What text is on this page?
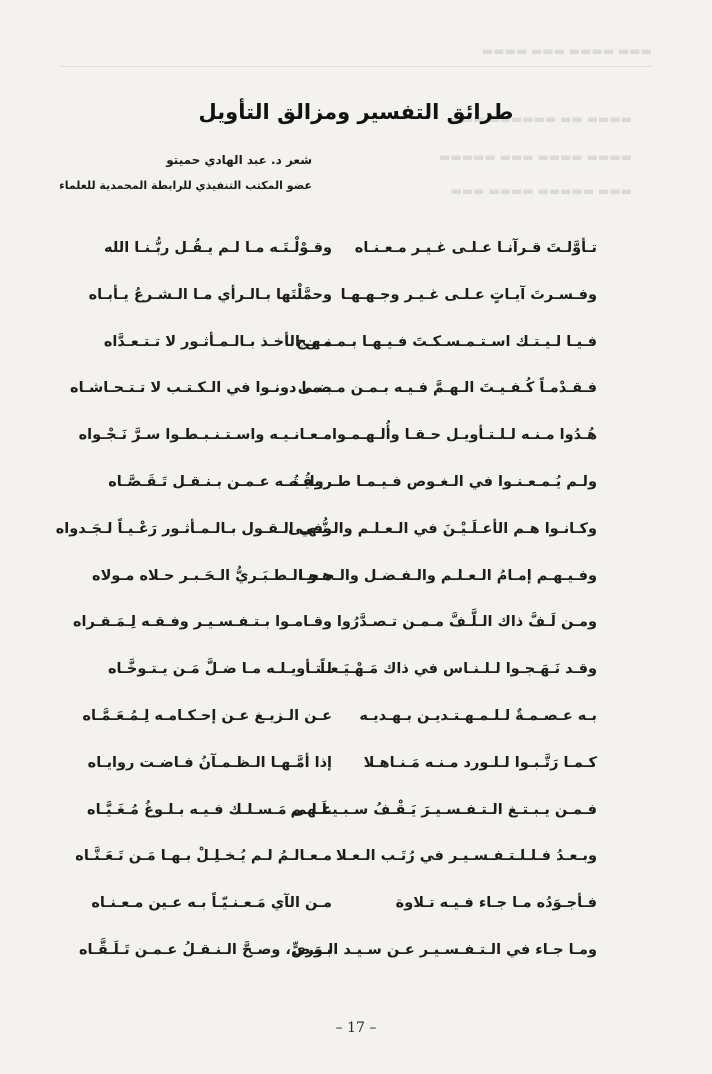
▬▬▬ ▬▬▬▬ ▬▬▬ ▬▬▬▬
▬▬▬▬ ▬▬ ▬▬▬▬▬▬ ▬▬▬
▬▬▬▬ ▬▬▬▬ ▬▬▬ ▬▬▬▬▬
▬▬▬ ▬▬▬▬▬ ▬▬▬▬ ▬▬▬
طرائق التفسير ومزالق التأويل
شعر د. عبد الهادي حميتو
عضو المكتب التنفيذي للرابطة المحمدية للعلماء
تـأوَّلـتَ قـرآنـا عـلـى غـيـر مـعـنـاه
وقـوْلْـتَـه مـا لـم يـقُـل ربُّـنـا الله
وفـسـرتَ آيـاتٍ عـلـى غـيـر وجـهـهـا
وحمَّلْتَها بـالـرأي مـا الـشـرعُ يـأبـاه
فـيـا لـيـتـك اسـتـمـسـكـتَ فـيـهـا بـمـنـهـج
مـن الأخـذ بـالـمـأثـور لا تـتـعـدَّاه
فـقـدْمـاً كُـفـيـتَ الـهـمَّ فـيـه بـمـن مـضـى
بـمـا دونـوا في الـكـتـب لا تـتـحـاشـاه
هُـدُوا مـنـه لـلـتـأويـل حـقـا وأُلـهـمـوا
مـعـانـيـه واسـتـنـبـطـوا سـرَّ نَـجْـواه
ولـم يُـمـعـنـوا في الـغـوص فـيـمـا طـريـقُـه
روايـتُــه عـمـن بـنـقـل تَـقَـصَّـاه
وكـانـوا هـم الأعـلَـيْـنَ في الـعـلـم والـنُّـهـى
وفي الـقـول بـالـمـأثـور رَعْـيـاً لـجَـدواه
وفـيـهـم إمـامُ الـعـلـم والـفـضـل والـحـجـا
هـو الـطـبَـريُّ الـحَـبـر حـلاه مـولاه
ومـن لَـفَّ ذاك الـلَّـفَّ مـمـن تـصـدَّرُوا
وقـامـوا بـتـفـسـيـر وفـقـه لِـمَـقـراه
وقـد نَـهَـجـوا لـلـنـاس في ذاك مَـهْـيَـعـاً
لـتـأويـلـه مـا ضـلَّ مَـن يـتـوخَّـاه
بـه عـصـمـةٌ لـلـمـهـتـديـن بـهـديـه
عـن الـزيـغ عـن إحـكـامـه لِـمُـعَـمَّـاه
كـمـا رَتَّـبـوا لـلـورد مـنـه مَـنـاهـلا
إذا أمَّـهـا الـظـمـآنُ فـاضـت روايـاه
فـمـن يـبـتـغ الـتـفـسـيـرَ يَـقْـفُ سـبـيـلَـهـم
عـلـى مَـسـلـك فـيـه بـلـوغُ مُـغَـيَّـاه
وبـعـدُ فـلـلـتـفـسـيـر في رُتَـب الـعـلا
مـعـالـمُ لـم يُـخـلِـلْ بـهـا مَـن تَـعَـنَّـاه
فـأجـوَدُه مـا جـاء فـيـه تـلاوة
مـن الآي مَـعـنـيّـاً بـه عـين مـعـنـاه
ومـا جـاء في الـتـفـسـيـر عـن سـيـد الـوَرى
بـنـصٍّ، وصـحَّ الـنـقـلُ عـمـن تَـلَـقَّـاه
– 17 –
